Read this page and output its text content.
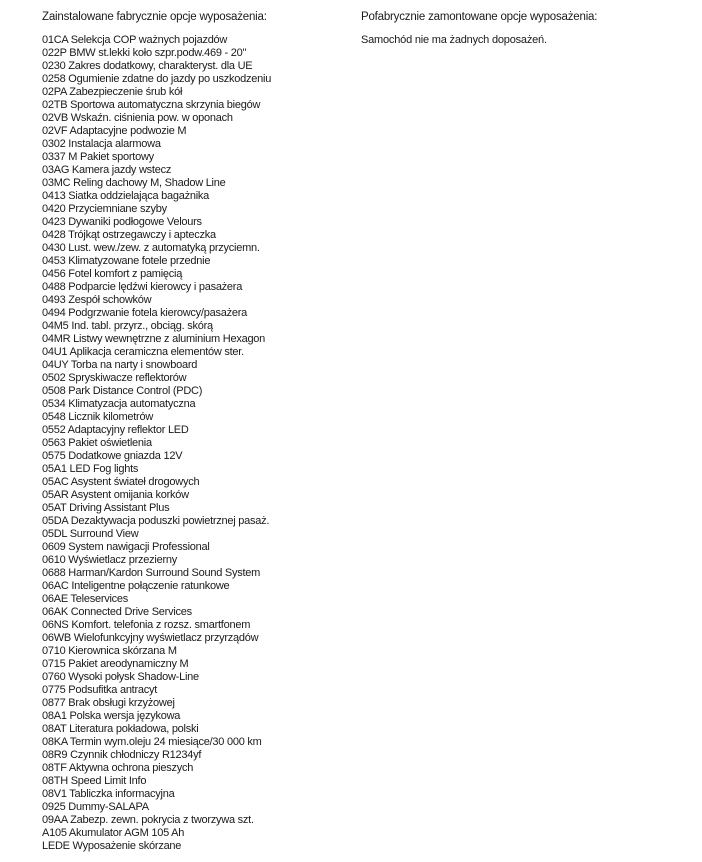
Zainstalowane fabrycznie opcje wyposażenia:
01CA Selekcja COP ważnych pojazdów
022P BMW st.lekki koło szpr.podw.469 - 20"
0230 Zakres dodatkowy, charakteryst. dla UE
0258 Ogumienie zdatne do jazdy po uszkodzeniu
02PA Zabezpieczenie śrub kół
02TB Sportowa automatyczna skrzynia biegów
02VB Wskaźn. ciśnienia pow. w oponach
02VF Adaptacyjne podwozie M
0302 Instalacja alarmowa
0337 M Pakiet sportowy
03AG Kamera jazdy wstecz
03MC Reling dachowy M, Shadow Line
0413 Siatka oddzielająca bagażnika
0420 Przyciemniane szyby
0423 Dywaniki podłogowe Velours
0428 Trójkąt ostrzegawczy i apteczka
0430 Lust. wew./zew. z automatyką przyciemn.
0453 Klimatyzowane fotele przednie
0456 Fotel komfort z pamięcią
0488 Podparcie lędźwi kierowcy i pasażera
0493 Zespół schowków
0494 Podgrzwanie fotela kierowcy/pasażera
04M5 Ind. tabl. przyrz., obciąg. skórą
04MR Listwy wewnętrzne z aluminium Hexagon
04U1 Aplikacja ceramiczna elementów ster.
04UY Torba na narty i snowboard
0502 Spryskiwacze reflektorów
0508 Park Distance Control (PDC)
0534 Klimatyzacja automatyczna
0548 Licznik kilometrów
0552 Adaptacyjny reflektor LED
0563 Pakiet oświetlenia
0575 Dodatkowe gniazda 12V
05A1 LED Fog lights
05AC Asystent świateł drogowych
05AR Asystent omijania korków
05AT Driving Assistant Plus
05DA Dezaktywacja poduszki powietrznej pasaż.
05DL Surround View
0609 System nawigacji Professional
0610 Wyświetlacz przezierny
0688 Harman/Kardon Surround Sound System
06AC Inteligentne połączenie ratunkowe
06AE Teleservices
06AK Connected Drive Services
06NS Komfort. telefonia z rozsz. smartfonem
06WB Wielofunkcyjny wyświetlacz przyrządów
0710 Kierownica skórzana M
0715 Pakiet areodynamiczny M
0760 Wysoki połysk Shadow-Line
0775 Podsufitka antracyt
0877 Brak obsługi krzyżowej
08A1 Polska wersja językowa
08AT Literatura pokładowa, polski
08KA Termin wym.oleju 24 miesiące/30 000 km
08R9 Czynnik chłodniczy R1234yf
08TF Aktywna ochrona pieszych
08TH Speed Limit Info
08V1 Tabliczka informacyjna
0925 Dummy-SALAPA
09AA Zabezp. zewn. pokrycia z tworzywa szt.
A105 Akumulator AGM 105 Ah
LEDE Wyposażenie skórzane
Pofabrycznie zamontowane opcje wyposażenia:

Samochód nie ma żadnych doposażeń.
